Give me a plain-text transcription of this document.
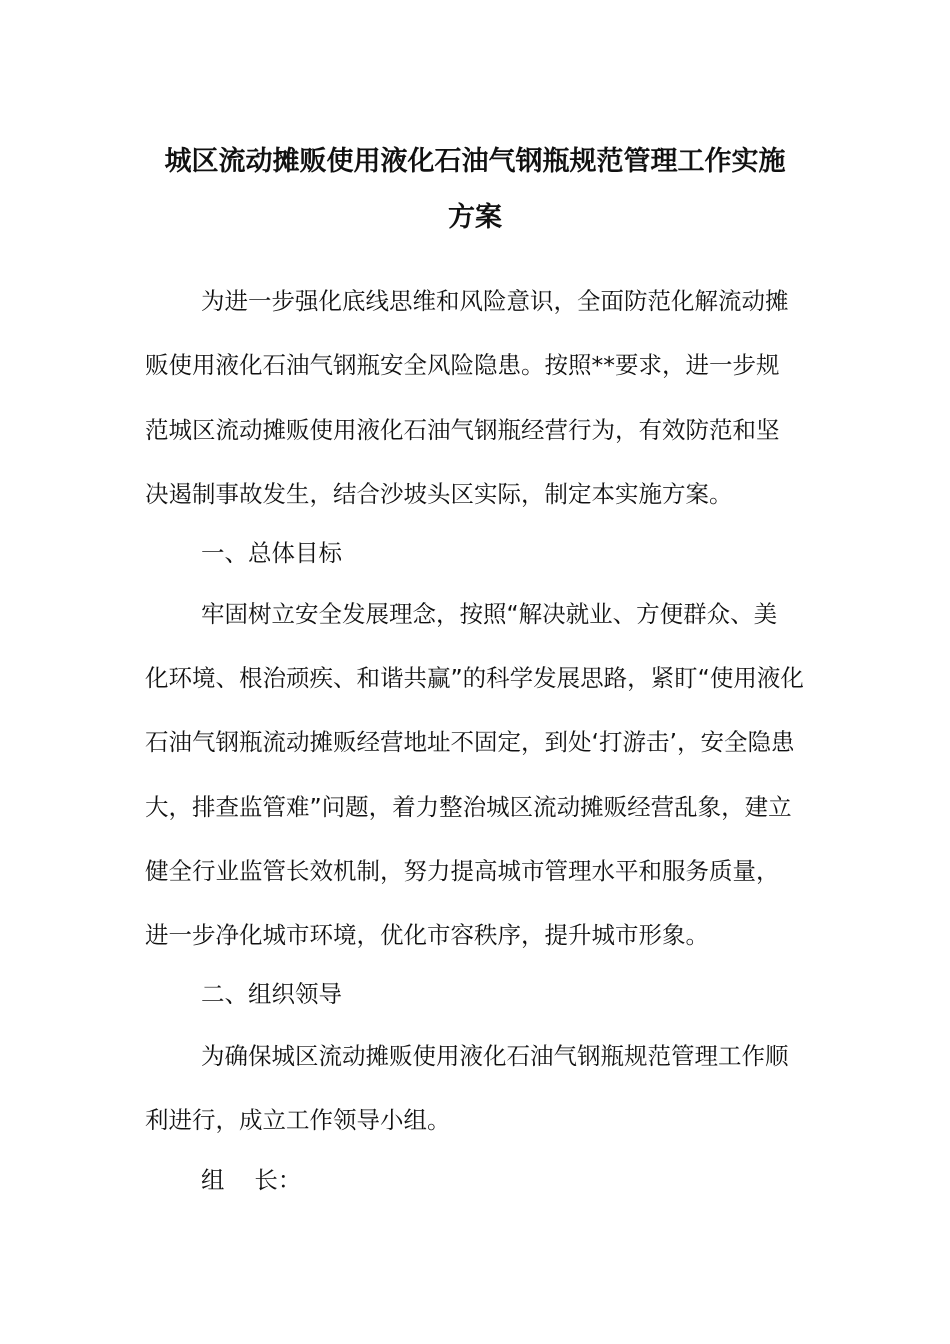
城区流动摊贩使用液化石油气钢瓶规范管理工作实施
方案

为进一步强化底线思维和风险意识，全面防范化解流动摊

贩使用液化石油气钢瓶安全风险隐患。按照**要求，进一步规

范城区流动摊贩使用液化石油气钢瓶经营行为，有效防范和坚

决遏制事故发生，结合沙坡头区实际，制定本实施方案。

一、总体目标

牢固树立安全发展理念，按照“解决就业、方便群众、美

化环境、根治顽疾、和谐共赢”的科学发展思路，紧盯“使用液化

石油气钢瓶流动摊贩经营地址不固定，到处‘打游击’，安全隐患

大，排查监管难”问题，着力整治城区流动摊贩经营乱象，建立

健全行业监管长效机制，努力提高城市管理水平和服务质量，

进一步净化城市环境，优化市容秩序，提升城市形象。

二、组织领导

为确保城区流动摊贩使用液化石油气钢瓶规范管理工作顺

利进行，成立工作领导小组。

组    长：
